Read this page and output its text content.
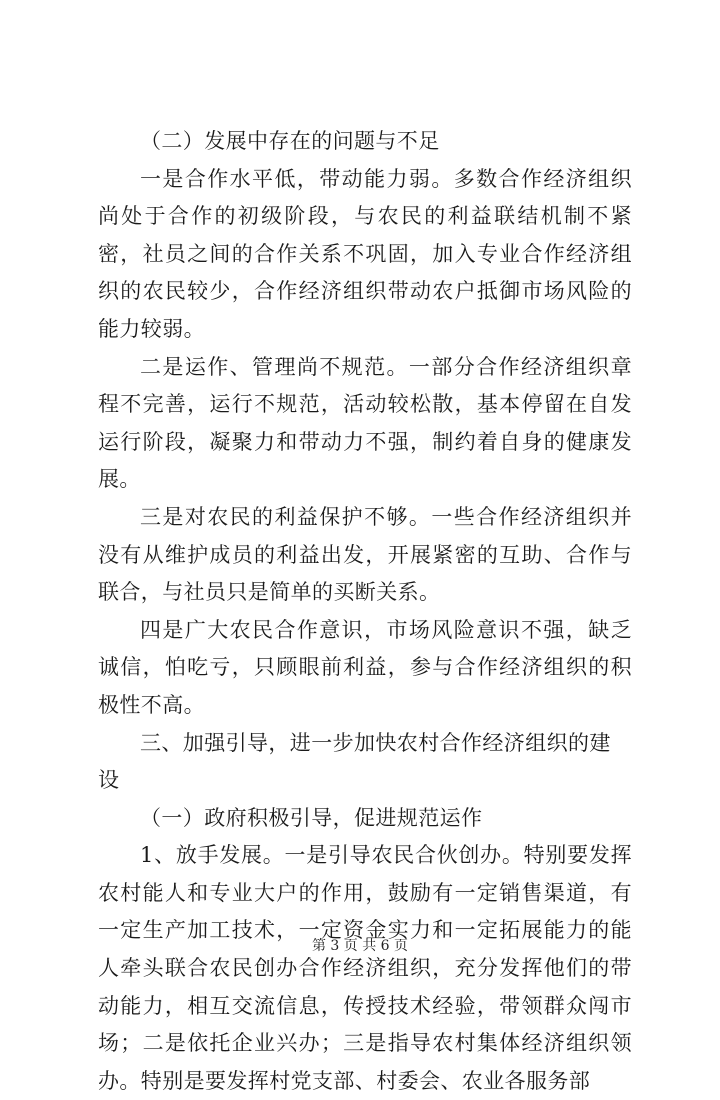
（二）发展中存在的问题与不足

一是合作水平低，带动能力弱。多数合作经济组织尚处于合作的初级阶段，与农民的利益联结机制不紧密，社员之间的合作关系不巩固，加入专业合作经济组织的农民较少，合作经济组织带动农户抵御市场风险的能力较弱。

二是运作、管理尚不规范。一部分合作经济组织章程不完善，运行不规范，活动较松散，基本停留在自发运行阶段，凝聚力和带动力不强，制约着自身的健康发展。

三是对农民的利益保护不够。一些合作经济组织并没有从维护成员的利益出发，开展紧密的互助、合作与联合，与社员只是简单的买断关系。

四是广大农民合作意识，市场风险意识不强，缺乏诚信，怕吃亏，只顾眼前利益，参与合作经济组织的积极性不高。

三、加强引导，进一步加快农村合作经济组织的建设

（一）政府积极引导，促进规范运作

1、放手发展。一是引导农民合伙创办。特别要发挥农村能人和专业大户的作用，鼓励有一定销售渠道，有一定生产加工技术，一定资金实力和一定拓展能力的能人牵头联合农民创办合作经济组织，充分发挥他们的带动能力，相互交流信息，传授技术经验，带领群众闯市场；二是依托企业兴办；三是指导农村集体经济组织领办。特别是要发挥村党支部、村委会、农业各服务部

第 3 页 共 6 页
